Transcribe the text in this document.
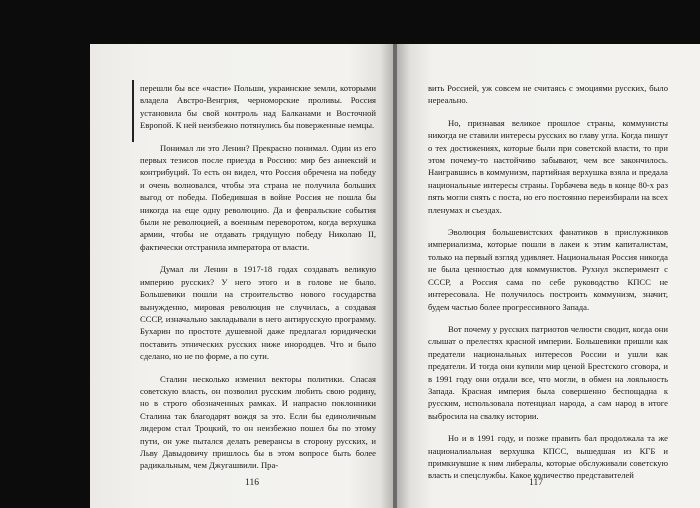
перешли бы все «части» Польши, украинские земли, которыми владела Австро-Венгрия, черноморские проливы. Россия установила бы свой контроль над Балканами и Восточной Европой. К ней неизбежно потянулись бы поверженные немцы.

Понимал ли это Ленин? Прекрасно понимал. Один из его первых тезисов после приезда в Россию: мир без аннексий и контрибуций. То есть он видел, что Россия обречена на победу и очень волновался, чтобы эта страна не получила больших выгод от победы. Победившая в войне Россия не пошла бы никогда на еще одну революцию. Да и февральские события были не революцией, а военным переворотом, когда верхушка армии, чтобы не отдавать грядущую победу Николаю II, фактически отстранила императора от власти.

Думал ли Ленин в 1917-18 годах создавать великую империю русских? У него этого и в голове не было. Большевики пошли на строительство нового государства вынужденно, мировая революция не случилась, а создавая СССР, изначально закладывали в него антирусскую программу. Бухарин по простоте душевной даже предлагал юридически поставить этнических русских ниже инородцев. Что и было сделано, но не по форме, а по сути.

Сталин несколько изменил векторы политики. Спасая советскую власть, он позволил русским любить свою родину, но в строго обозначенных рамках. И напрасно поклонники Сталина так благодарят вождя за это. Если бы единоличным лидером стал Троцкий, то он неизбежно пошел бы по этому пути, он уже пытался делать реверансы в сторону русских, и Льву Давыдовичу пришлось бы в этом вопросе быть более радикальным, чем Джугашвили. Пра-

116

вить Россией, уж совсем не считаясь с эмоциями русских, было нереально.

Но, признавая великое прошлое страны, коммунисты никогда не ставили интересы русских во главу угла. Когда пишут о тех достижениях, которые были при советской власти, то при этом почему-то настойчиво забывают, чем все закончилось. Наигравшись в коммунизм, партийная верхушка взяла и предала национальные интересы страны. Горбачева ведь в конце 80-х раз пять могли снять с поста, но его постоянно переизбирали на всех пленумах и съездах.

Эволюция большевистских фанатиков в прислужников империализма, которые пошли в лакеи к этим капиталистам, только на первый взгляд удивляет. Национальная Россия никогда не была ценностью для коммунистов. Рухнул эксперимент с СССР, а Россия сама по себе руководство КПСС не интересовала. Не получилось построить коммунизм, значит, будем частью более прогрессивного Запада.

Вот почему у русских патриотов челюсти сводит, когда они слышат о прелестях красной империи. Большевики пришли как предатели национальных интересов России и ушли как предатели. И тогда они купили мир ценой Брестского сговора, и в 1991 году они отдали все, что могли, в обмен на лояльность Запада. Красная империя была совершенно беспощадна к русским, использовала потенциал народа, а сам народ в итоге выбросила на свалку истории.

Но и в 1991 году, и позже править бал продолжала та же националиальная верхушка КПСС, вышедшая из КГБ и примкнувшие к ним либералы, которые обслуживали советскую власть и спецслужбы. Какое количество представителей

117
